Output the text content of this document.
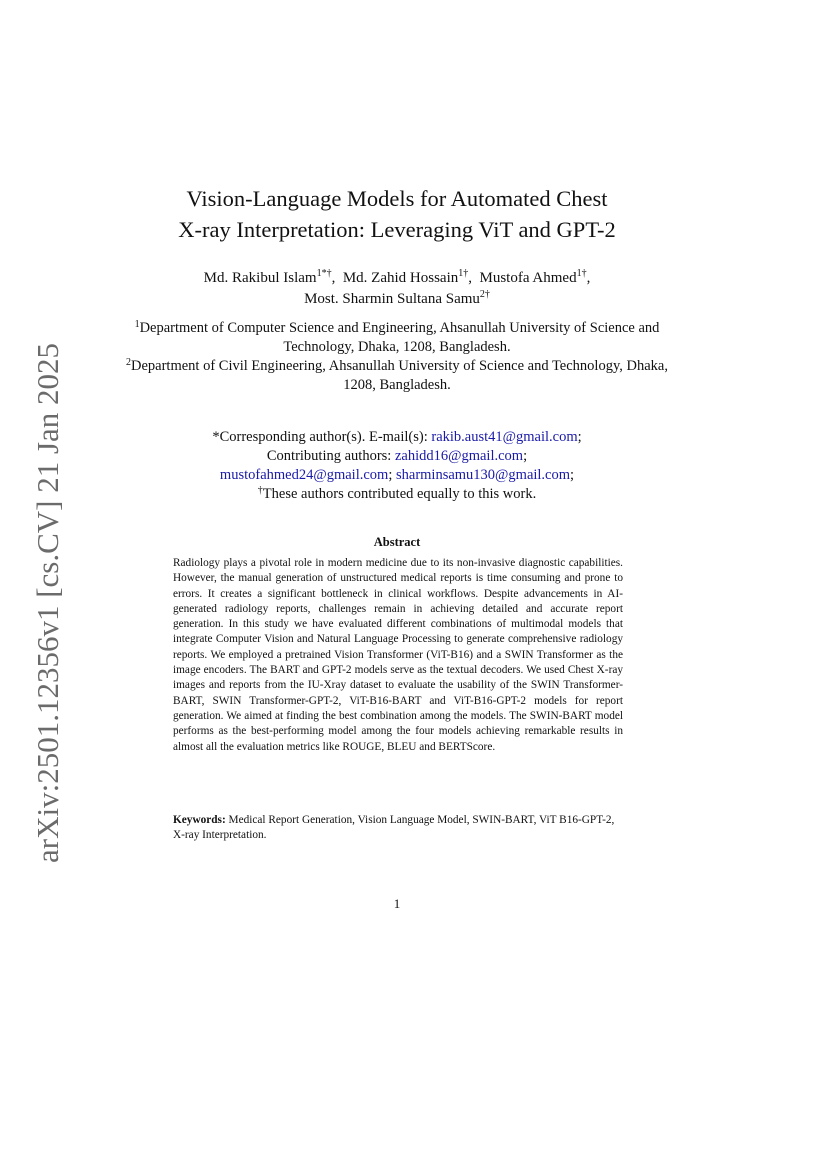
arXiv:2501.12356v1 [cs.CV] 21 Jan 2025
Vision-Language Models for Automated Chest
X-ray Interpretation: Leveraging ViT and GPT-2
Md. Rakibul Islam$^{1*\dagger}$,  Md. Zahid Hossain$^{1\dagger}$,  Mustofa Ahmed$^{1\dagger}$,
Most. Sharmin Sultana Samu$^{2\dagger}$
$^1$Department of Computer Science and Engineering, Ahsanullah University of Science and Technology, Dhaka, 1208, Bangladesh.
$^2$Department of Civil Engineering, Ahsanullah University of Science and Technology, Dhaka, 1208, Bangladesh.
*Corresponding author(s). E-mail(s): rakib.aust41@gmail.com;
Contributing authors: zahidd16@gmail.com;
mustofahmed24@gmail.com; sharminsamu130@gmail.com;
†These authors contributed equally to this work.
Abstract
Radiology plays a pivotal role in modern medicine due to its non-invasive diagnostic capabilities. However, the manual generation of unstructured medical reports is time consuming and prone to errors. It creates a significant bottleneck in clinical workflows. Despite advancements in AI-generated radiology reports, challenges remain in achieving detailed and accurate report generation. In this study we have evaluated different combinations of multimodal models that integrate Computer Vision and Natural Language Processing to generate comprehensive radiology reports. We employed a pretrained Vision Transformer (ViT-B16) and a SWIN Transformer as the image encoders. The BART and GPT-2 models serve as the textual decoders. We used Chest X-ray images and reports from the IU-Xray dataset to evaluate the usability of the SWIN Transformer-BART, SWIN Transformer-GPT-2, ViT-B16-BART and ViT-B16-GPT-2 models for report generation. We aimed at finding the best combination among the models. The SWIN-BART model performs as the best-performing model among the four models achieving remarkable results in almost all the evaluation metrics like ROUGE, BLEU and BERTScore.
Keywords: Medical Report Generation, Vision Language Model, SWIN-BART, ViT B16-GPT-2, X-ray Interpretation.
1
